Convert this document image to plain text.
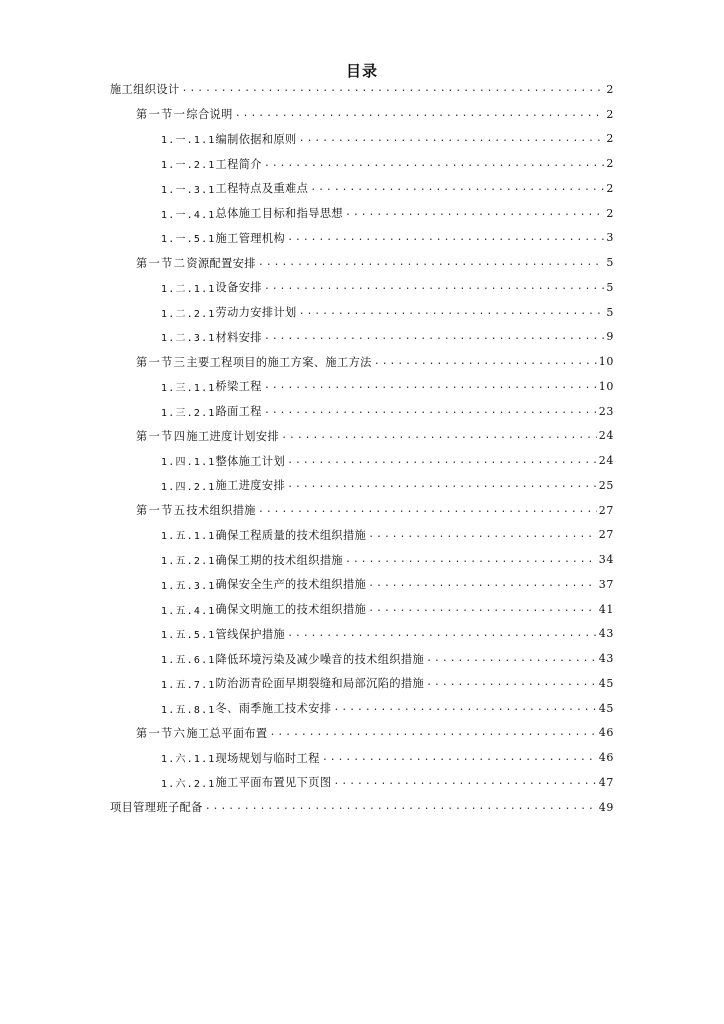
目录
施工组织设计 .....	2
第一节一 综合说明 .....	2
1.一.1.1 编制依据和原则 .....	2
1.一.2.1 工程简介 .....	2
1.一.3.1 工程特点及重难点 .....	2
1.一.4.1 总体施工目标和指导思想 .....	2
1.一.5.1 施工管理机构 .....	3
第一节二 资源配置安排 .....	5
1.二.1.1 设备安排 .....	5
1.二.2.1 劳动力安排计划 .....	5
1.二.3.1 材料安排 .....	9
第一节三 主要工程项目的施工方案、施工方法 .....	10
1.三.1.1 桥梁工程 .....	10
1.三.2.1 路面工程 .....	23
第一节四 施工进度计划安排 .....	24
1.四.1.1 整体施工计划 .....	24
1.四.2.1 施工进度安排 .....	25
第一节五 技术组织措施 .....	27
1.五.1.1 确保工程质量的技术组织措施 .....	27
1.五.2.1 确保工期的技术组织措施 .....	34
1.五.3.1 确保安全生产的技术组织措施 .....	37
1.五.4.1 确保文明施工的技术组织措施 .....	41
1.五.5.1 管线保护措施 .....	43
1.五.6.1 降低环境污染及减少噪音的技术组织措施 .....	43
1.五.7.1 防治沥青砼面早期裂缝和局部沉陷的措施 .....	45
1.五.8.1 冬、雨季施工技术安排 .....	45
第一节六 施工总平面布置 .....	46
1.六.1.1 现场规划与临时工程 .....	46
1.六.2.1 施工平面布置见下页图 .....	47
项目管理班子配备 .....	49
